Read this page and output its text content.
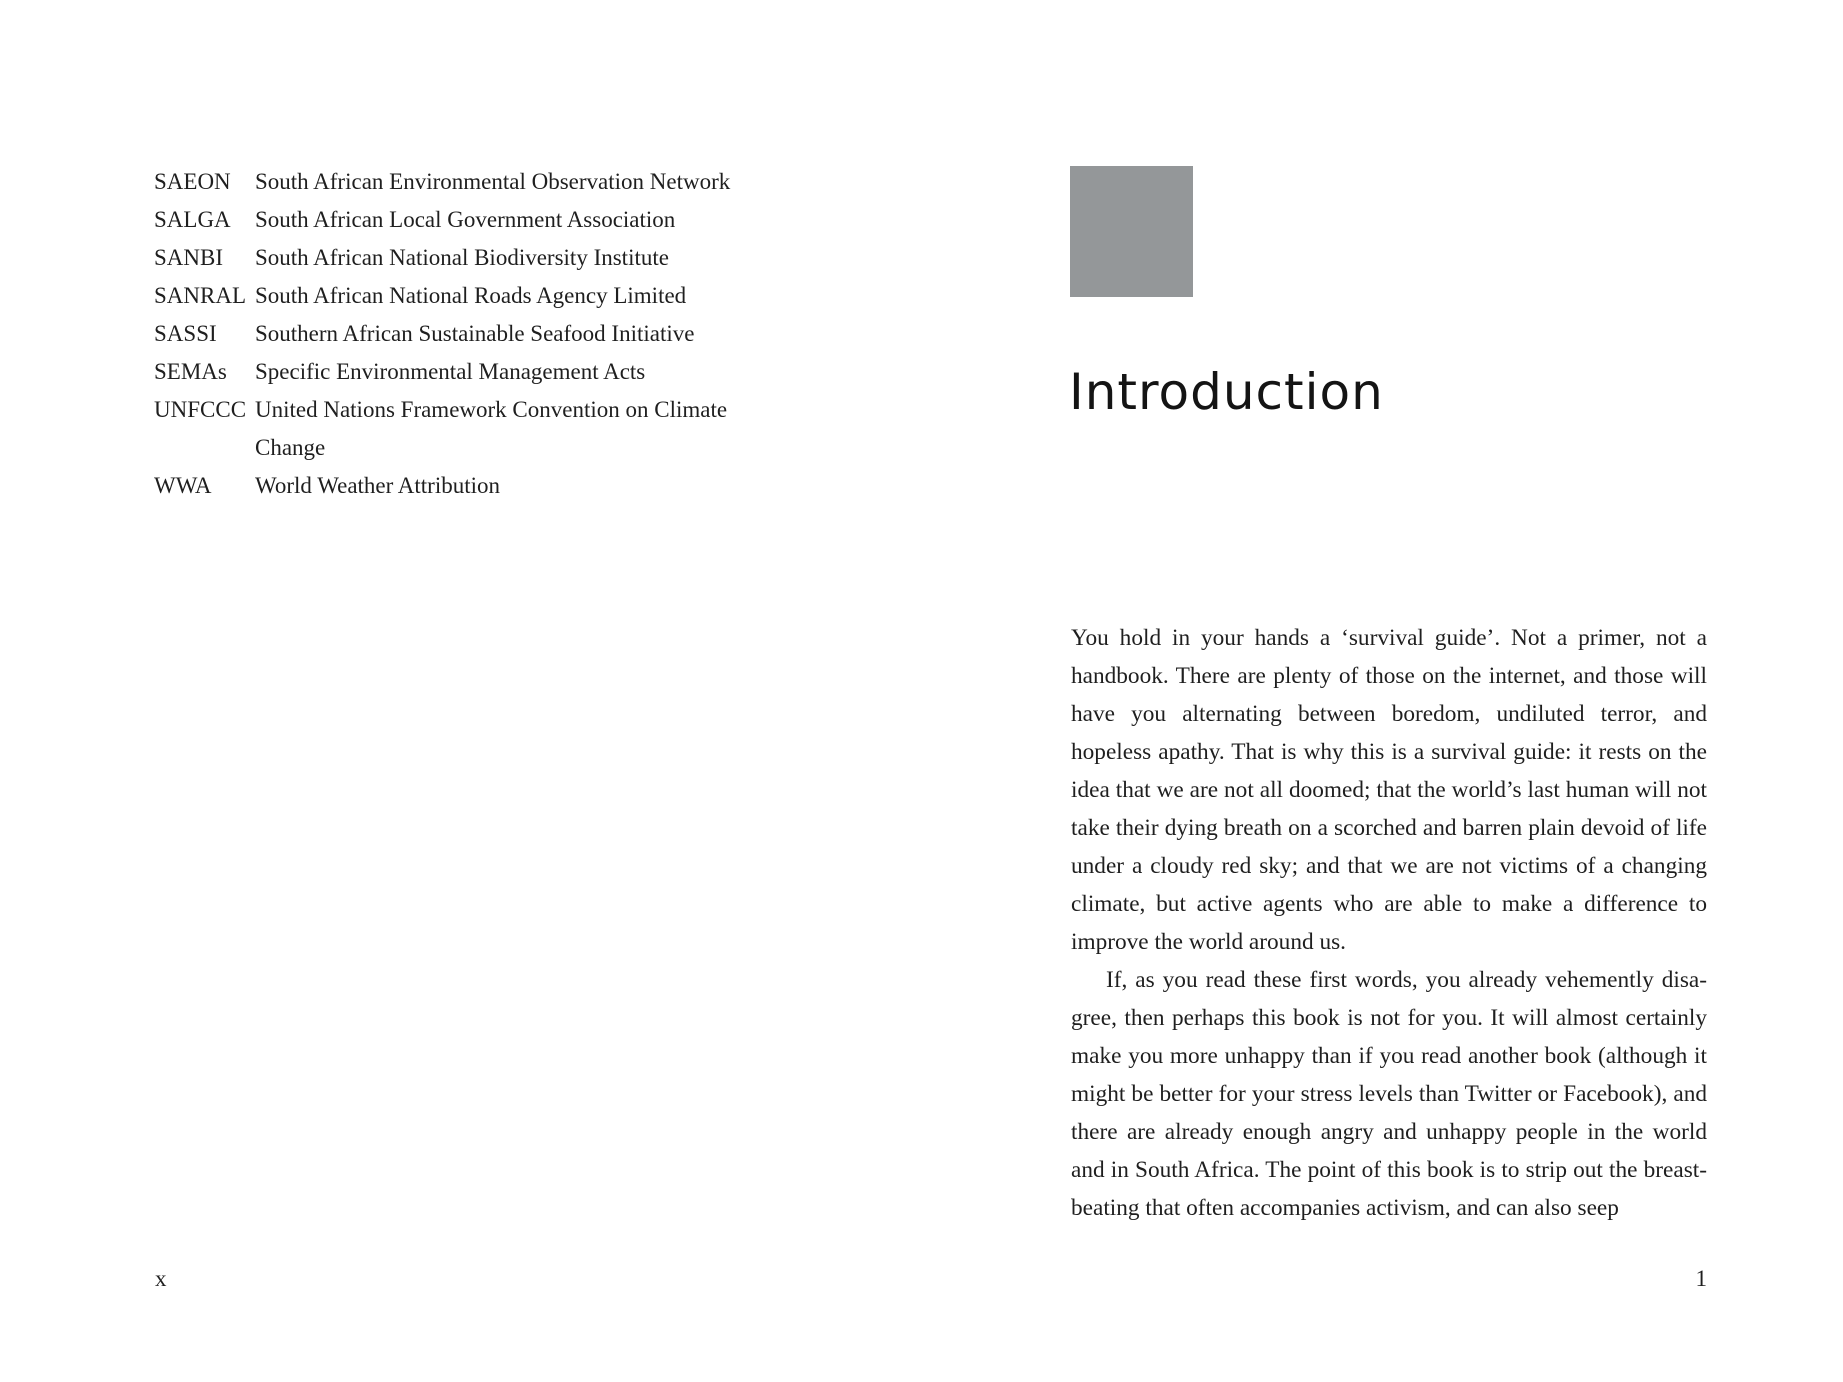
SAEON	South African Environmental Observation Network
SALGA	South African Local Government Association
SANBI	South African National Biodiversity Institute
SANRAL South African National Roads Agency Limited
SASSI	Southern African Sustainable Seafood Initiative
SEMAs	Specific Environmental Management Acts
UNFCCC United Nations Framework Convention on Climate Change
WWA	World Weather Attribution
x
Introduction

You hold in your hands a ‘survival guide’. Not a primer, not a handbook. There are plenty of those on the internet, and those will have you alternating between boredom, undiluted terror, and hopeless apathy. That is why this is a survival guide: it rests on the idea that we are not all doomed; that the world’s last human will not take their dying breath on a scorched and barren plain devoid of life under a cloudy red sky; and that we are not victims of a changing climate, but active agents who are able to make a difference to improve the world around us.

If, as you read these first words, you already vehemently disa-gree, then perhaps this book is not for you. It will almost certainly make you more unhappy than if you read another book (although it might be better for your stress levels than Twitter or Facebook), and there are already enough angry and unhappy people in the world and in South Africa. The point of this book is to strip out the breast-beating that often accompanies activism, and can also seep

1
